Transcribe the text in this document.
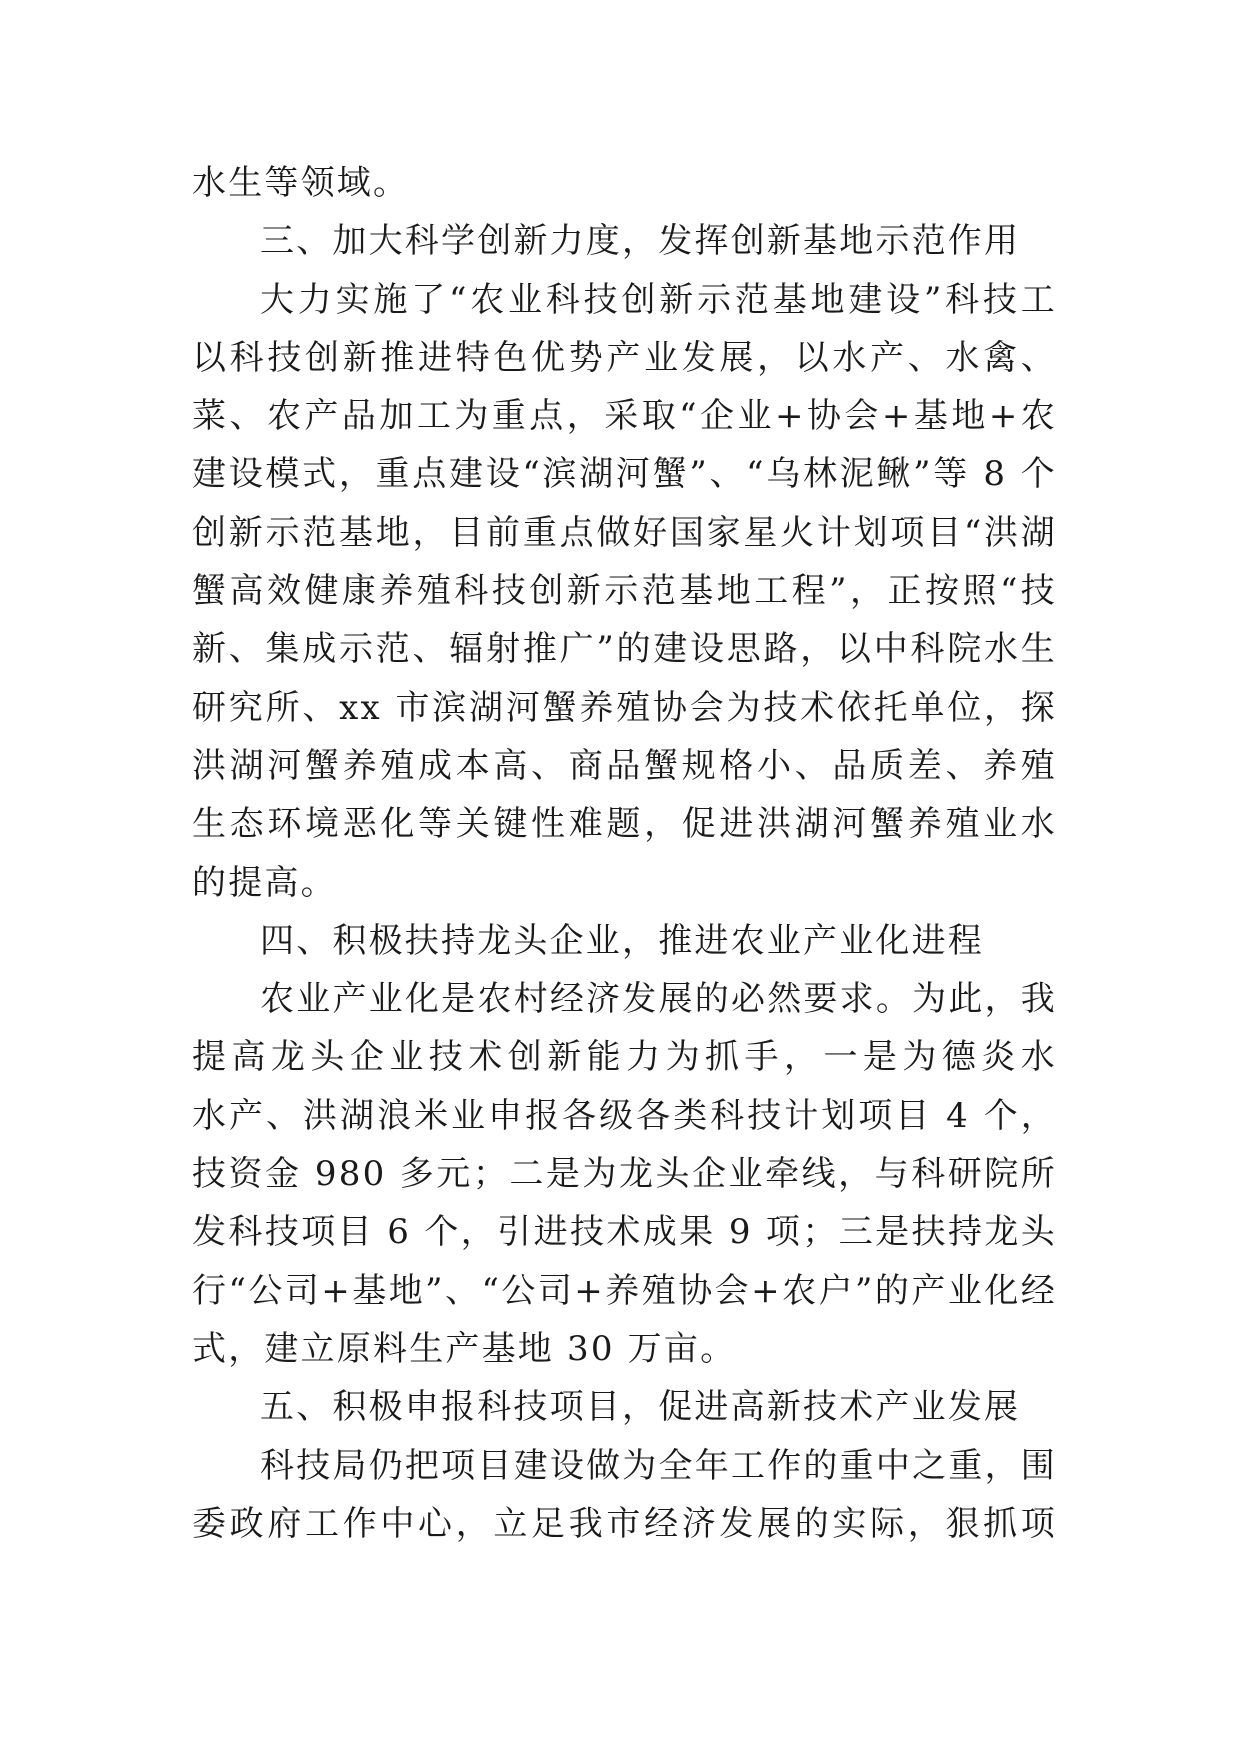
水生等领域。
三、加大科学创新力度，发挥创新基地示范作用
大力实施了“农业科技创新示范基地建设”科技工
以科技创新推进特色优势产业发展，以水产、水禽、
菜、农产品加工为重点，采取“企业+协会+基地+农
建设模式，重点建设“滨湖河蟹”、“乌林泥鳅”等 8 个
创新示范基地，目前重点做好国家星火计划项目“洪湖
蟹高效健康养殖科技创新示范基地工程”，正按照“技
新、集成示范、辐射推广”的建设思路，以中科院水生
研究所、xx 市滨湖河蟹养殖协会为技术依托单位，探
洪湖河蟹养殖成本高、商品蟹规格小、品质差、养殖
生态环境恶化等关键性难题，促进洪湖河蟹养殖业水
的提高。
四、积极扶持龙头企业，推进农业产业化进程
农业产业化是农村经济发展的必然要求。为此，我
提高龙头企业技术创新能力为抓手，一是为德炎水
水产、洪湖浪米业申报各级各类科技计划项目 4 个，
技资金 980 多元；二是为龙头企业牵线，与科研院所
发科技项目 6 个，引进技术成果 9 项；三是扶持龙头
行“公司+基地”、“公司+养殖协会+农户”的产业化经
式，建立原料生产基地 30 万亩。
五、积极申报科技项目，促进高新技术产业发展
科技局仍把项目建设做为全年工作的重中之重，围
委政府工作中心，立足我市经济发展的实际，狠抓项
